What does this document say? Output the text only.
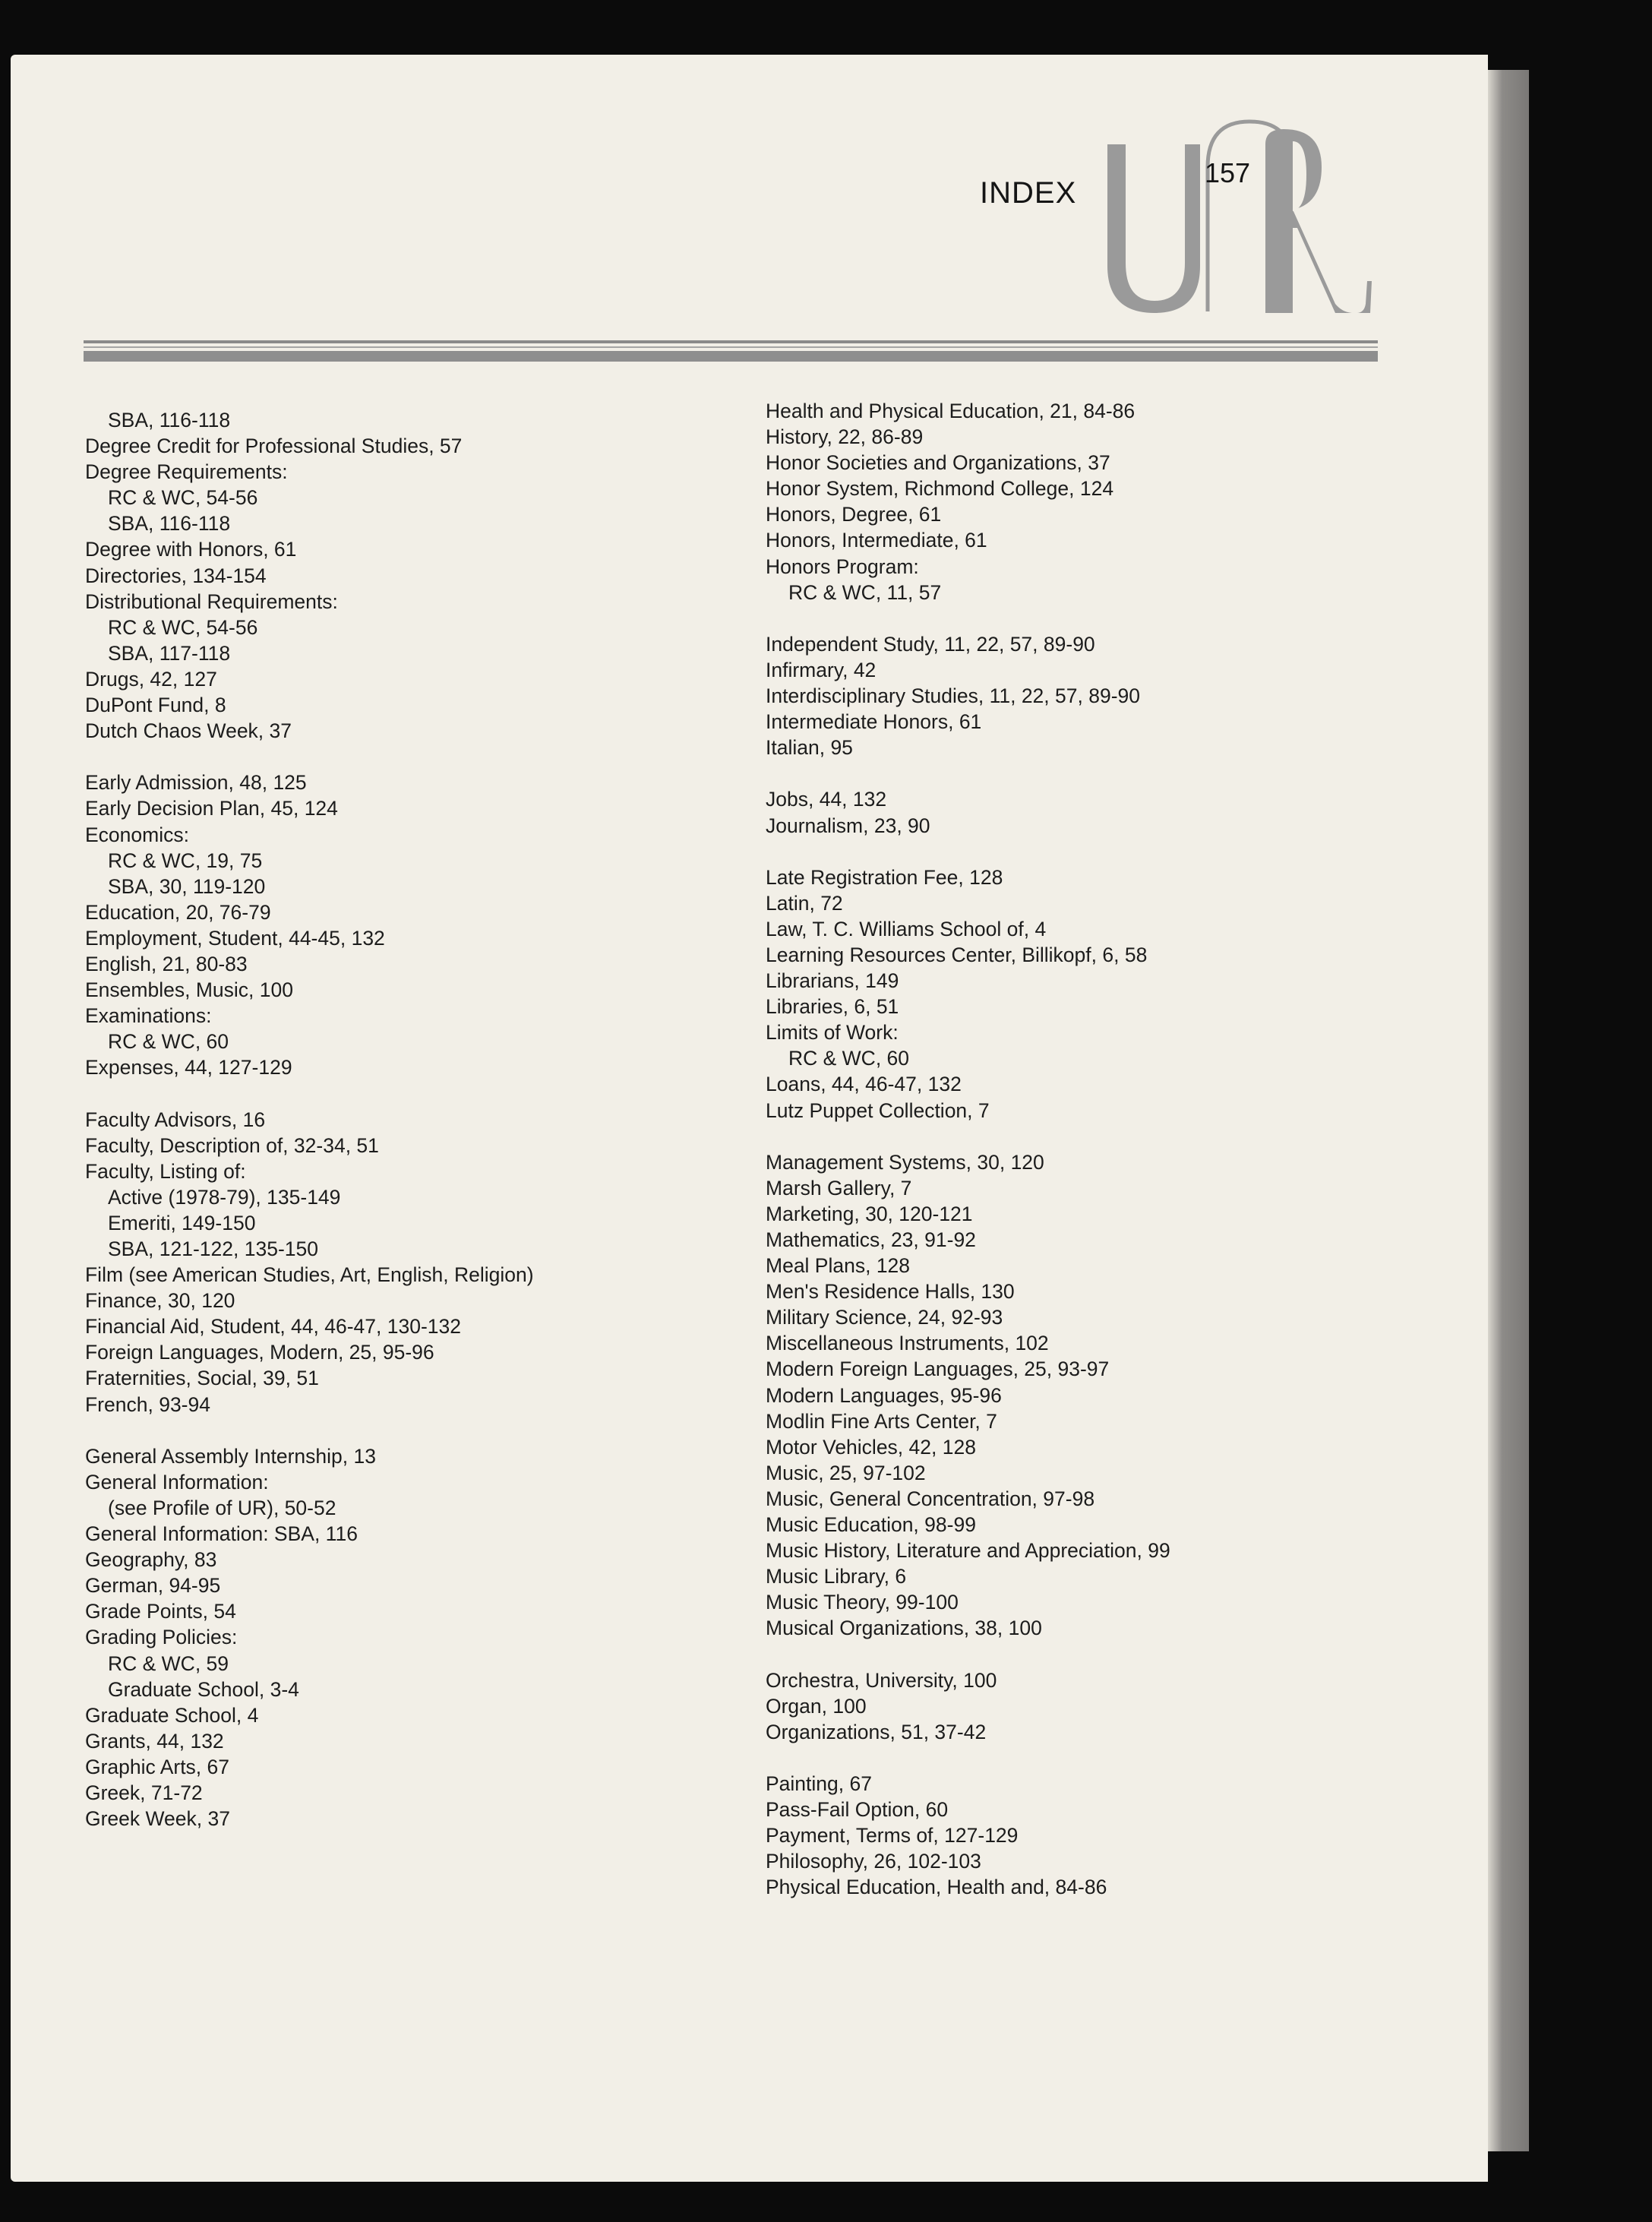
INDEX
157
SBA, 116-118
Degree Credit for Professional Studies, 57
Degree Requirements:
RC & WC, 54-56
SBA, 116-118
Degree with Honors, 61
Directories, 134-154
Distributional Requirements:
RC & WC, 54-56
SBA, 117-118
Drugs, 42, 127
DuPont Fund, 8
Dutch Chaos Week, 37
Early Admission, 48, 125
Early Decision Plan, 45, 124
Economics:
RC & WC, 19, 75
SBA, 30, 119-120
Education, 20, 76-79
Employment, Student, 44-45, 132
English, 21, 80-83
Ensembles, Music, 100
Examinations:
RC & WC, 60
Expenses, 44, 127-129
Faculty Advisors, 16
Faculty, Description of, 32-34, 51
Faculty, Listing of:
Active (1978-79), 135-149
Emeriti, 149-150
SBA, 121-122, 135-150
Film (see American Studies, Art, English, Religion)
Finance, 30, 120
Financial Aid, Student, 44, 46-47, 130-132
Foreign Languages, Modern, 25, 95-96
Fraternities, Social, 39, 51
French, 93-94
General Assembly Internship, 13
General Information:
(see Profile of UR), 50-52
General Information: SBA, 116
Geography, 83
German, 94-95
Grade Points, 54
Grading Policies:
RC & WC, 59
Graduate School, 3-4
Graduate School, 4
Grants, 44, 132
Graphic Arts, 67
Greek, 71-72
Greek Week, 37
Health and Physical Education, 21, 84-86
History, 22, 86-89
Honor Societies and Organizations, 37
Honor System, Richmond College, 124
Honors, Degree, 61
Honors, Intermediate, 61
Honors Program:
RC & WC, 11, 57
Independent Study, 11, 22, 57, 89-90
Infirmary, 42
Interdisciplinary Studies, 11, 22, 57, 89-90
Intermediate Honors, 61
Italian, 95
Jobs, 44, 132
Journalism, 23, 90
Late Registration Fee, 128
Latin, 72
Law, T. C. Williams School of, 4
Learning Resources Center, Billikopf, 6, 58
Librarians, 149
Libraries, 6, 51
Limits of Work:
RC & WC, 60
Loans, 44, 46-47, 132
Lutz Puppet Collection, 7
Management Systems, 30, 120
Marsh Gallery, 7
Marketing, 30, 120-121
Mathematics, 23, 91-92
Meal Plans, 128
Men's Residence Halls, 130
Military Science, 24, 92-93
Miscellaneous Instruments, 102
Modern Foreign Languages, 25, 93-97
Modern Languages, 95-96
Modlin Fine Arts Center, 7
Motor Vehicles, 42, 128
Music, 25, 97-102
Music, General Concentration, 97-98
Music Education, 98-99
Music History, Literature and Appreciation, 99
Music Library, 6
Music Theory, 99-100
Musical Organizations, 38, 100
Orchestra, University, 100
Organ, 100
Organizations, 51, 37-42
Painting, 67
Pass-Fail Option, 60
Payment, Terms of, 127-129
Philosophy, 26, 102-103
Physical Education, Health and, 84-86
